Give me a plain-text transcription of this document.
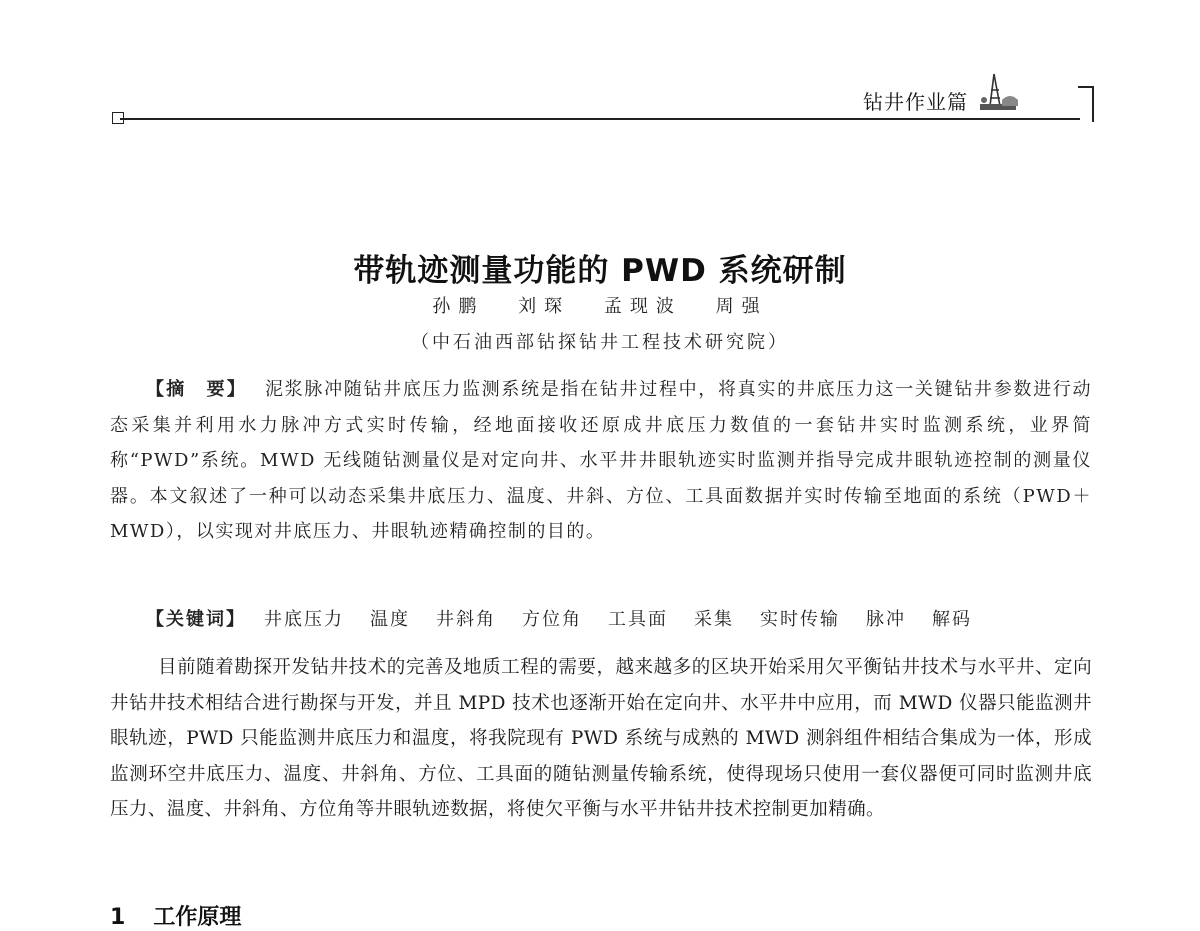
钻井作业篇
带轨迹测量功能的 PWD 系统研制
孙鹏 刘琛 孟现波 周强
（中石油西部钻探钻井工程技术研究院）

【摘　要】 泥浆脉冲随钻井底压力监测系统是指在钻井过程中，将真实的井底压力这一关键钻井参数进行动态采集并利用水力脉冲方式实时传输，经地面接收还原成井底压力数值的一套钻井实时监测系统，业界简称“PWD”系统。MWD 无线随钻测量仪是对定向井、水平井井眼轨迹实时监测并指导完成井眼轨迹控制的测量仪器。本文叙述了一种可以动态采集井底压力、温度、井斜、方位、工具面数据并实时传输至地面的系统（PWD＋MWD），以实现对井底压力、井眼轨迹精确控制的目的。

【关键词】 井底压力 温度 井斜角 方位角 工具面 采集 实时传输 脉冲 解码

目前随着勘探开发钻井技术的完善及地质工程的需要，越来越多的区块开始采用欠平衡钻井技术与水平井、定向井钻井技术相结合进行勘探与开发，并且 MPD 技术也逐渐开始在定向井、水平井中应用，而 MWD 仪器只能监测井眼轨迹，PWD 只能监测井底压力和温度，将我院现有 PWD 系统与成熟的 MWD 测斜组件相结合集成为一体，形成监测环空井底压力、温度、井斜角、方位、工具面的随钻测量传输系统，使得现场只使用一套仪器便可同时监测井底压力、温度、井斜角、方位角等井眼轨迹数据，将使欠平衡与水平井钻井技术控制更加精确。

1 工作原理
